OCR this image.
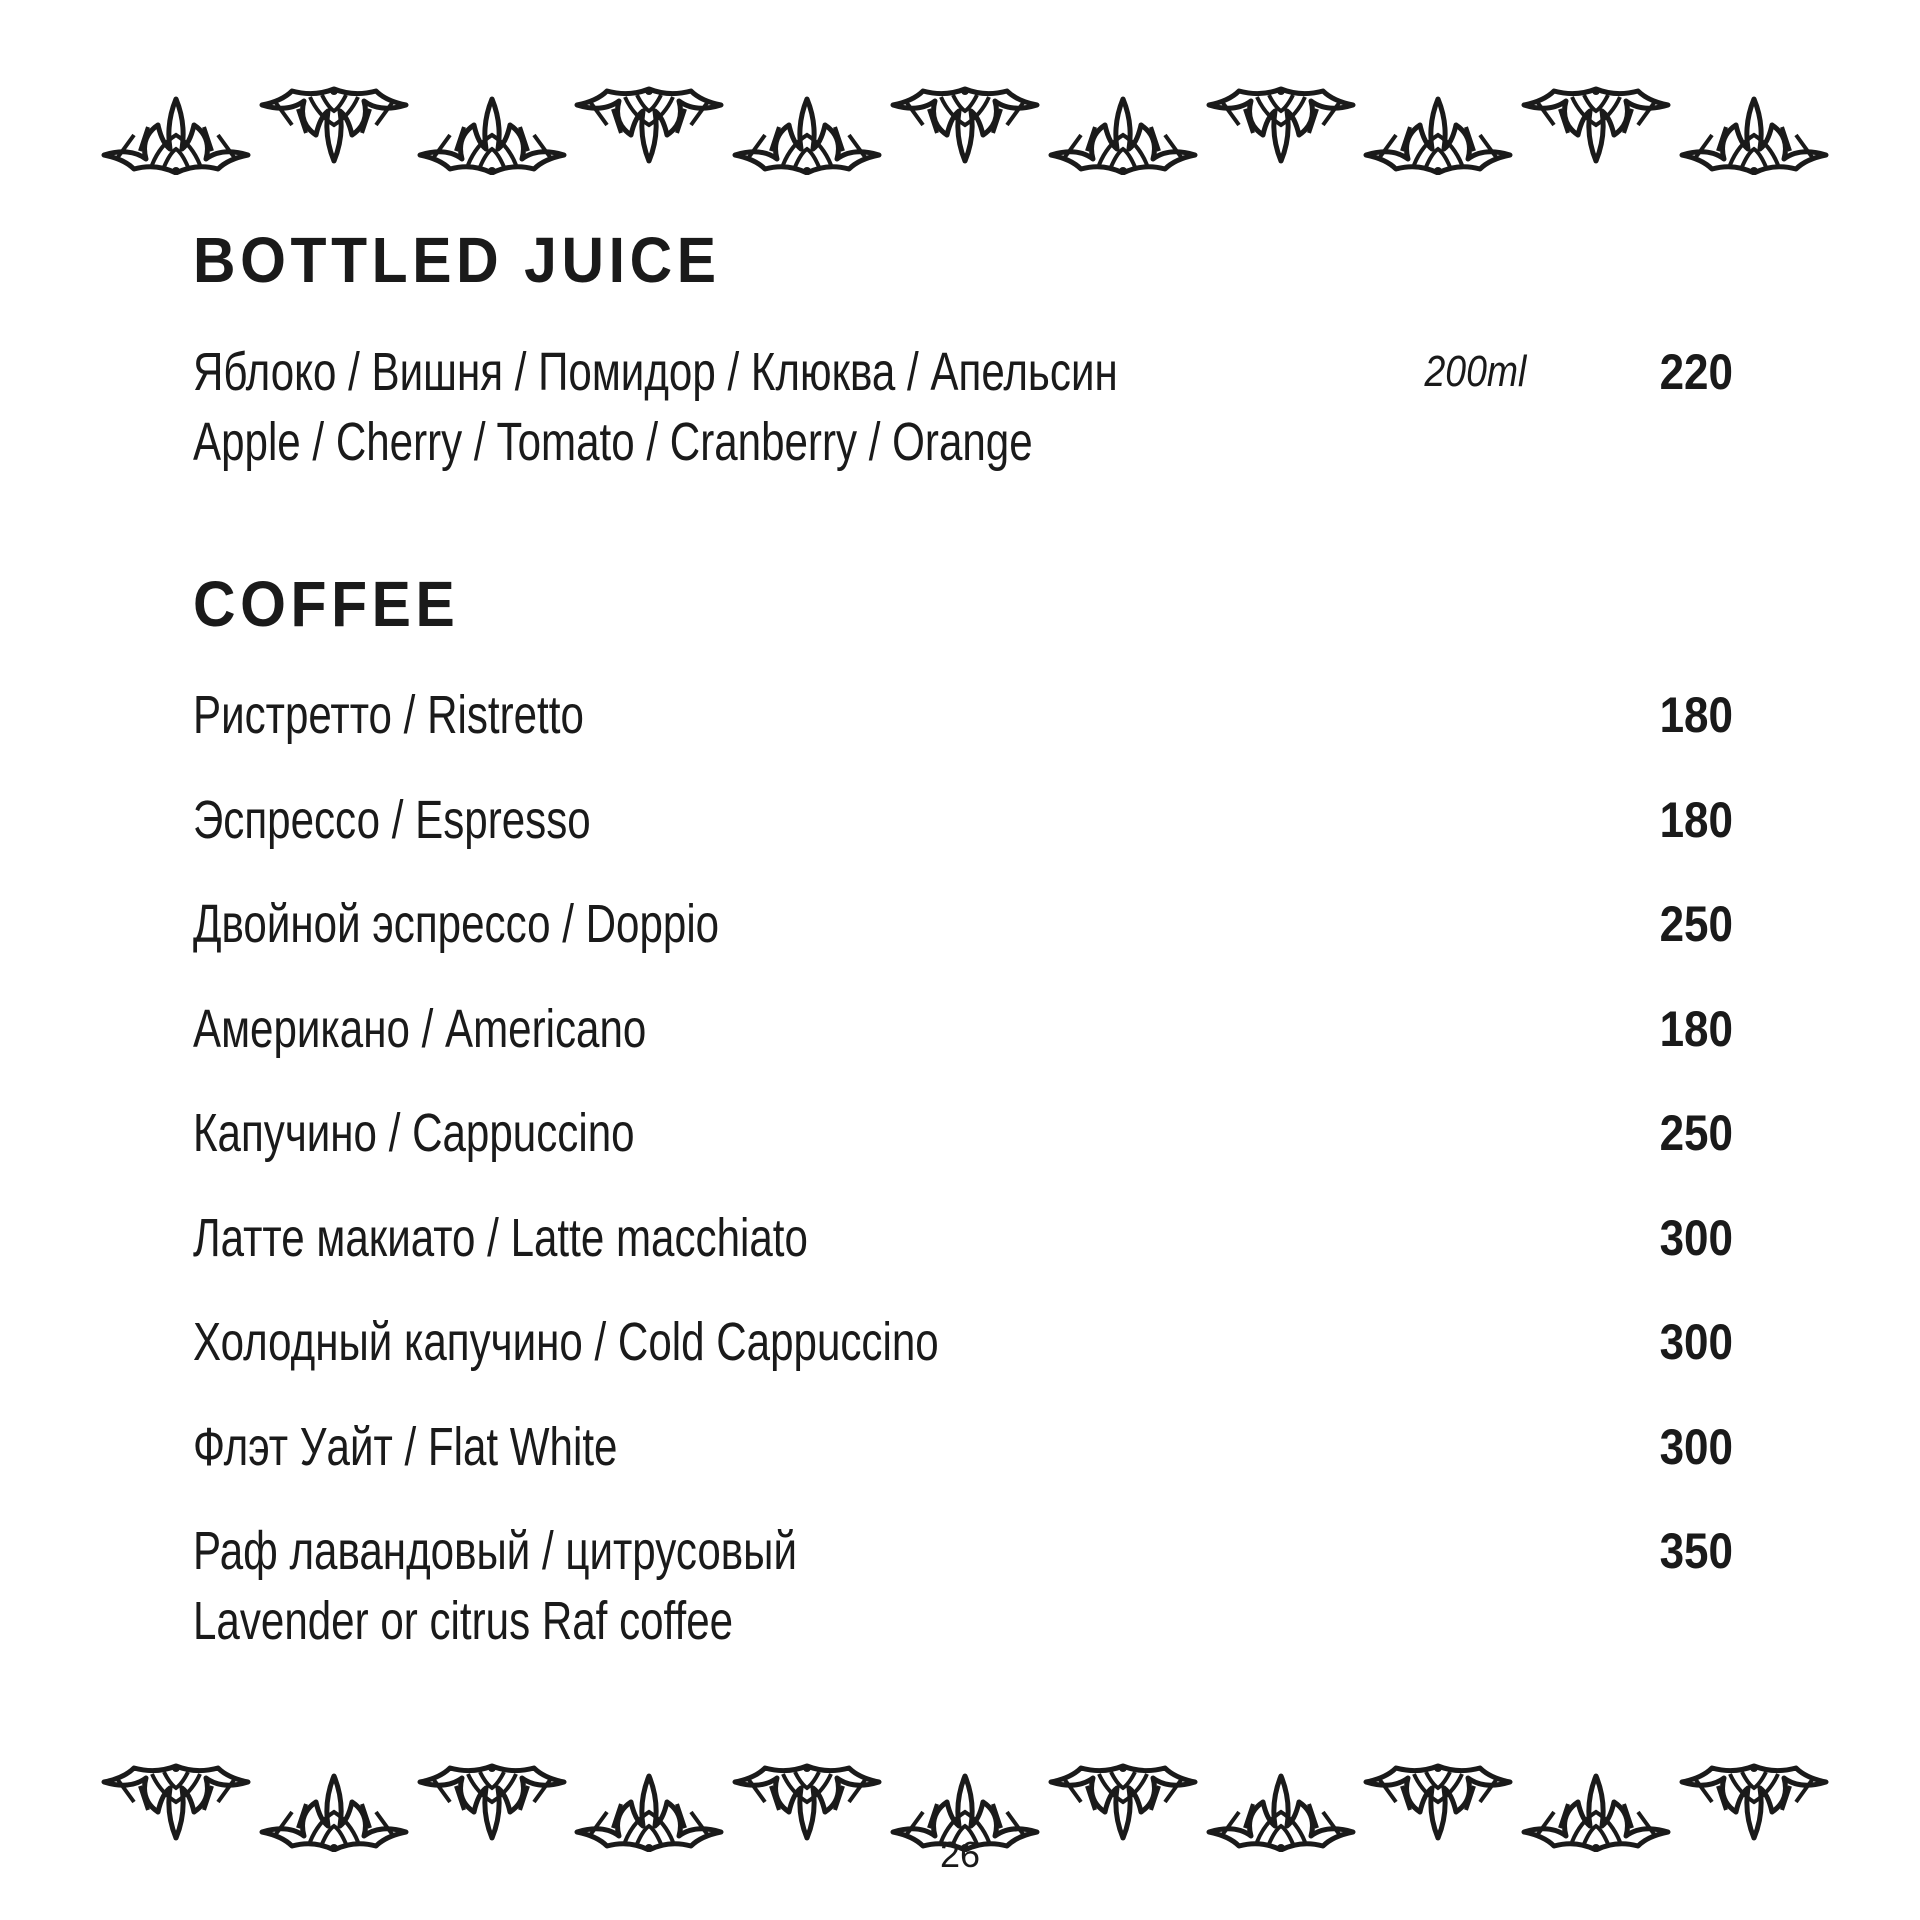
BOTTLED JUICE
Яблоко / Вишня / Помидор / Клюква / Апельсин
Apple / Cherry / Tomato / Cranberry / Orange
200ml	220
COFFEE
Ристретто / Ristretto	180
Эспрессо / Espresso	180
Двойной эспрессо / Doppio	250
Американо / Americano	180
Капучино / Cappuccino	250
Латте макиато / Latte macchiato	300
Холодный капучино / Cold Cappuccino	300
Флэт Уайт / Flat White	300
Раф лавандовый / цитрусовый
Lavender or citrus Raf coffee
350
26
